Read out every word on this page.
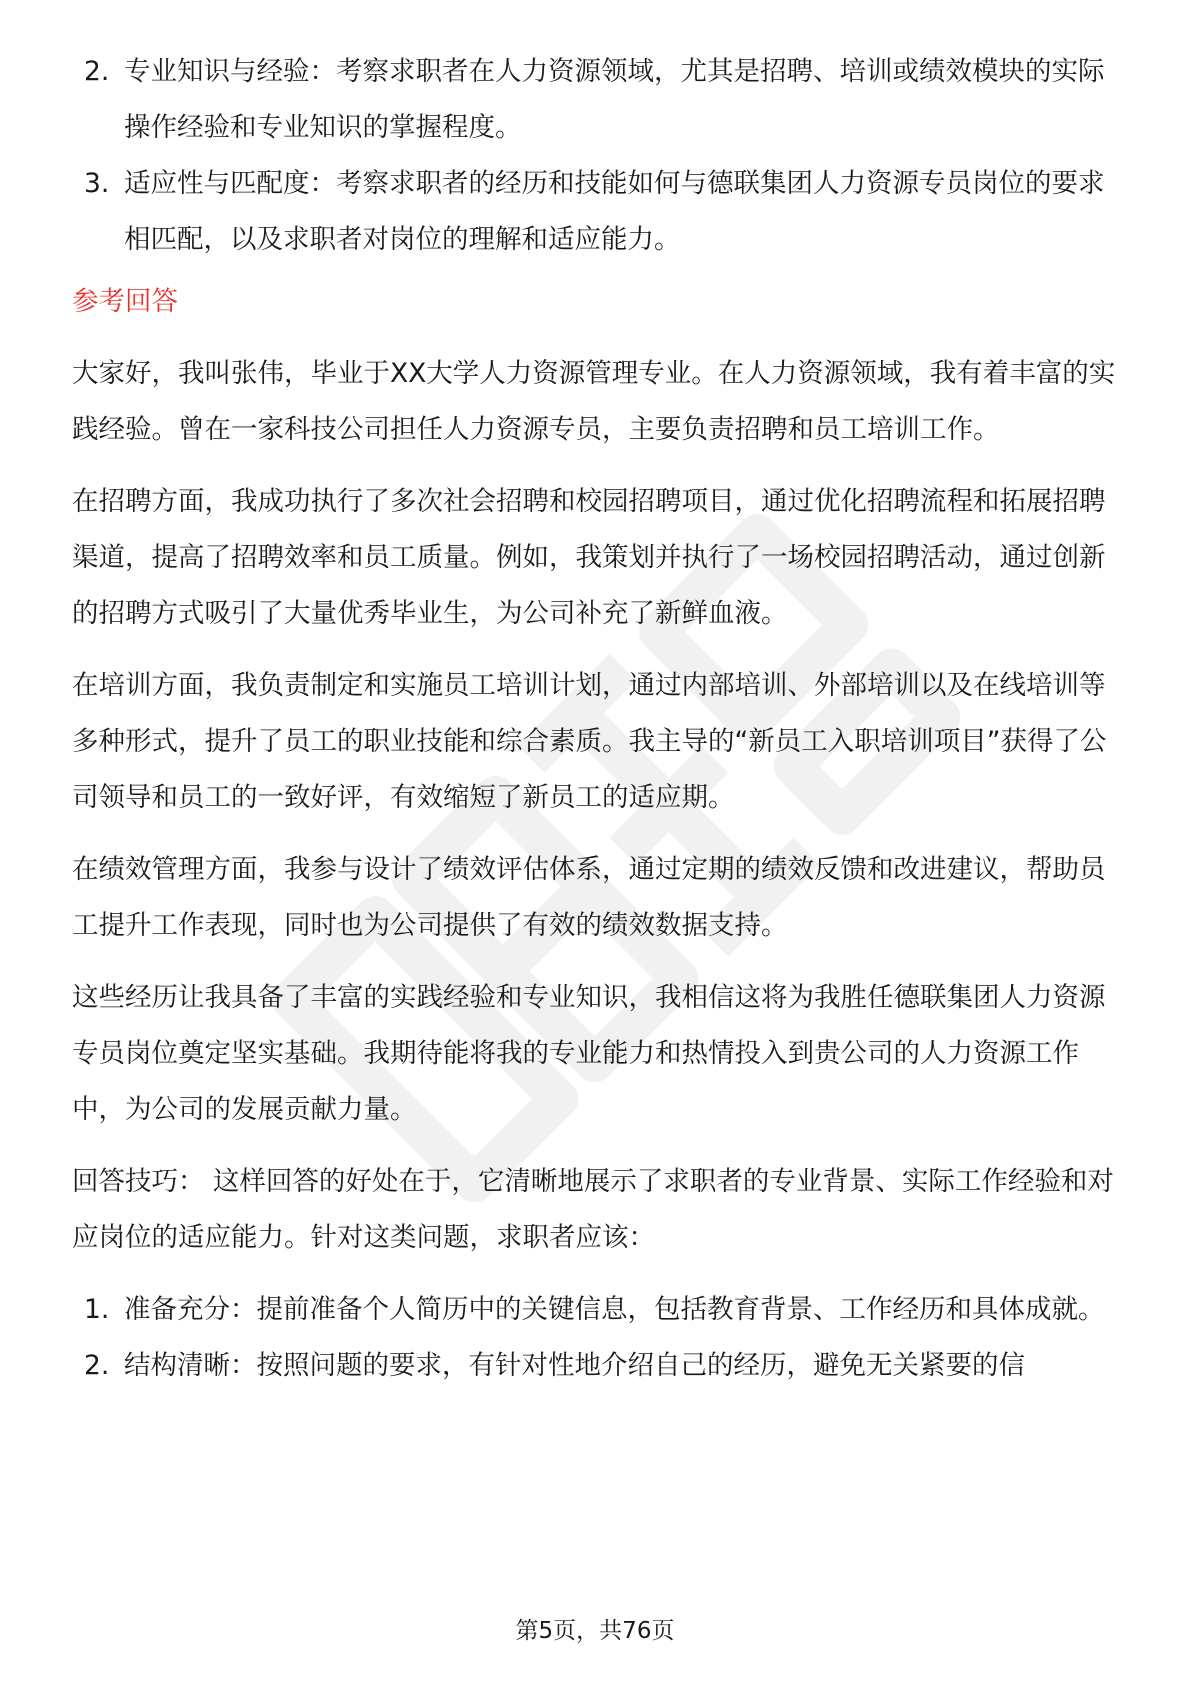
2. 专业知识与经验：考察求职者在人力资源领域，尤其是招聘、培训或绩效模块的实际操作经验和专业知识的掌握程度。
3. 适应性与匹配度：考察求职者的经历和技能如何与德联集团人力资源专员岗位的要求相匹配，以及求职者对岗位的理解和适应能力。
参考回答

大家好，我叫张伟，毕业于XX大学人力资源管理专业。在人力资源领域，我有着丰富的实践经验。曾在一家科技公司担任人力资源专员，主要负责招聘和员工培训工作。

在招聘方面，我成功执行了多次社会招聘和校园招聘项目，通过优化招聘流程和拓展招聘渠道，提高了招聘效率和员工质量。例如，我策划并执行了一场校园招聘活动，通过创新的招聘方式吸引了大量优秀毕业生，为公司补充了新鲜血液。

在培训方面，我负责制定和实施员工培训计划，通过内部培训、外部培训以及在线培训等多种形式，提升了员工的职业技能和综合素质。我主导的“新员工入职培训项目”获得了公司领导和员工的一致好评，有效缩短了新员工的适应期。

在绩效管理方面，我参与设计了绩效评估体系，通过定期的绩效反馈和改进建议，帮助员工提升工作表现，同时也为公司提供了有效的绩效数据支持。

这些经历让我具备了丰富的实践经验和专业知识，我相信这将为我胜任德联集团人力资源专员岗位奠定坚实基础。我期待能将我的专业能力和热情投入到贵公司的人力资源工作中，为公司的发展贡献力量。

回答技巧： 这样回答的好处在于，它清晰地展示了求职者的专业背景、实际工作经验和对应岗位的适应能力。针对这类问题，求职者应该：

1. 准备充分：提前准备个人简历中的关键信息，包括教育背景、工作经历和具体成就。
2. 结构清晰：按照问题的要求，有针对性地介绍自己的经历，避免无关紧要的信
第5页，共76页
